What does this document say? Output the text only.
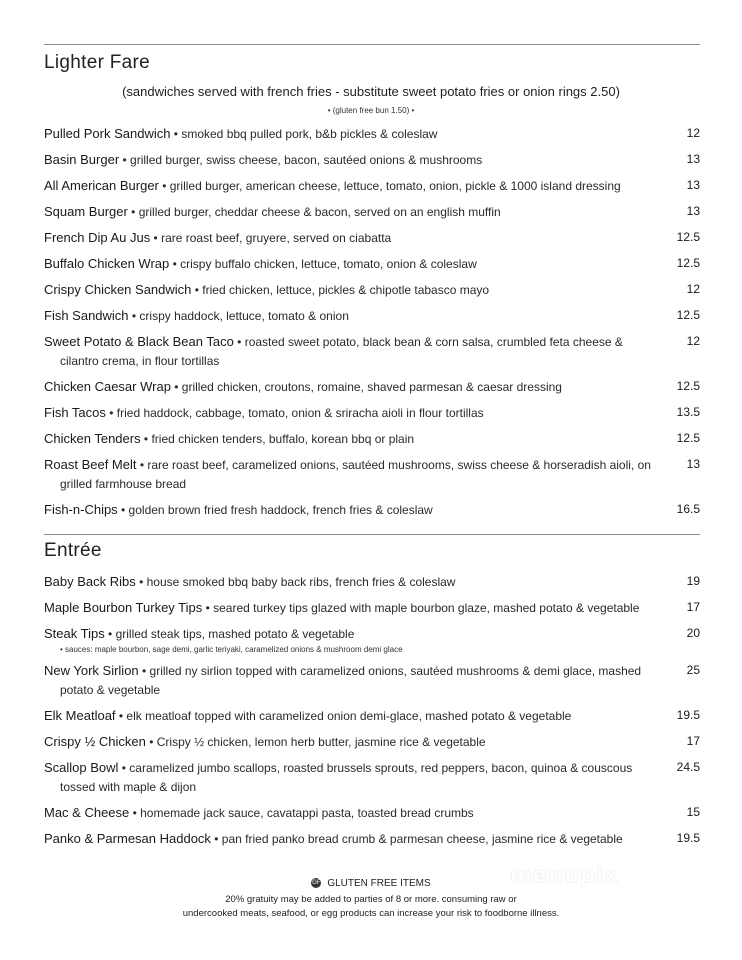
Lighter Fare
(sandwiches served with french fries - substitute sweet potato fries or onion rings 2.50)
• (gluten free bun 1.50) •
Pulled Pork Sandwich • smoked bbq pulled pork, b&b pickles & coleslaw	12
Basin Burger • grilled burger, swiss cheese, bacon, sautéed onions & mushrooms	13
All American Burger • grilled burger, american cheese, lettuce, tomato, onion, pickle & 1000 island dressing	13
Squam Burger • grilled burger, cheddar cheese & bacon, served on an english muffin	13
French Dip Au Jus • rare roast beef, gruyere, served on ciabatta	12.5
Buffalo Chicken Wrap • crispy buffalo chicken, lettuce, tomato, onion & coleslaw	12.5
Crispy Chicken Sandwich • fried chicken, lettuce, pickles & chipotle tabasco mayo	12
Fish Sandwich • crispy haddock, lettuce, tomato & onion	12.5
Sweet Potato & Black Bean Taco • roasted sweet potato, black bean & corn salsa, crumbled feta cheese &
cilantro crema, in flour tortillas
12
Chicken Caesar Wrap • grilled chicken, croutons, romaine, shaved parmesan & caesar dressing	12.5
Fish Tacos • fried haddock, cabbage, tomato, onion & sriracha aioli in flour tortillas	13.5
Chicken Tenders • fried chicken tenders, buffalo, korean bbq or plain	12.5
Roast Beef Melt • rare roast beef, caramelized onions, sautéed mushrooms, swiss cheese & horseradish aioli, on
grilled farmhouse bread
13
Fish-n-Chips • golden brown fried fresh haddock, french fries & coleslaw	16.5
Entrée
Baby Back Ribs • house smoked bbq baby back ribs, french fries & coleslaw	19
Maple Bourbon Turkey Tips • seared turkey tips glazed with maple bourbon glaze, mashed potato & vegetable	17
Steak Tips • grilled steak tips, mashed potato & vegetable
• sauces: maple bourbon, sage demi, garlic teriyaki, caramelized onions & mushroom demi glace
20
New York Sirlion • grilled ny sirlion topped with caramelized onions, sautéed mushrooms & demi glace, mashed
potato & vegetable
25
Elk Meatloaf • elk meatloaf topped with caramelized onion demi-glace, mashed potato & vegetable	19.5
Crispy ½ Chicken • Crispy ½ chicken, lemon herb butter, jasmine rice & vegetable	17
Scallop Bowl • caramelized jumbo scallops, roasted brussels sprouts, red peppers, bacon, quinoa & couscous
tossed with maple & dijon
24.5
Mac & Cheese • homemade jack sauce, cavatappi pasta, toasted bread crumbs	15
Panko & Parmesan Haddock • pan fried panko bread crumb & parmesan cheese, jasmine rice & vegetable	19.5
GF GLUTEN FREE ITEMS
20% gratuity may be added to parties of 8 or more. consuming raw or
undercooked meats, seafood, or egg products can increase your risk to foodborne illness.
menupix
